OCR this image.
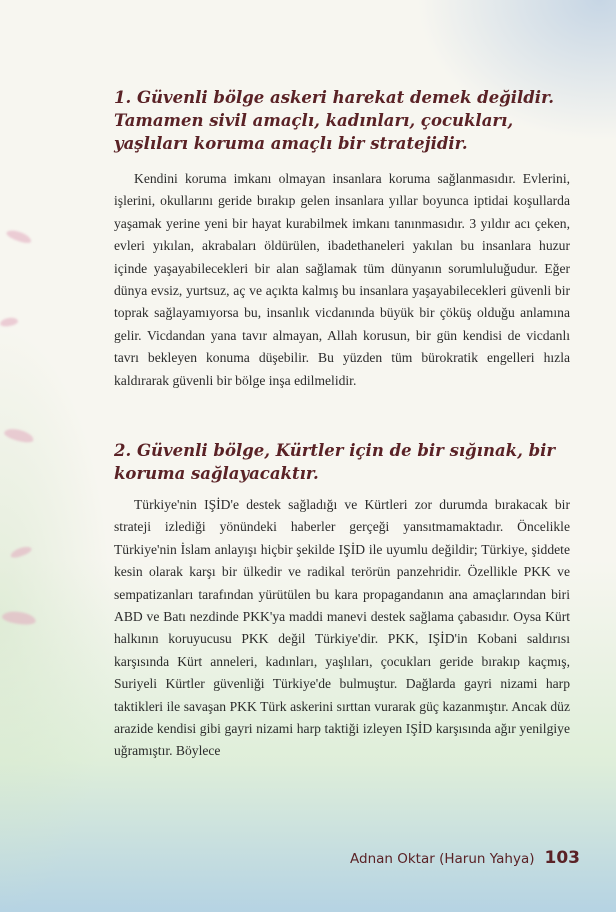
1. Güvenli bölge askeri harekat demek değildir. Tamamen sivil amaçlı, kadınları, çocukları, yaşlıları koruma amaçlı bir stratejidir.

Kendini koruma imkanı olmayan insanlara koruma sağlanmasıdır. Evlerini, işlerini, okullarını geride bırakıp gelen insanlara yıllar boyunca iptidai koşullarda yaşamak yerine yeni bir hayat kurabilmek imkanı tanınmasıdır. 3 yıldır acı çeken, evleri yıkılan, akrabaları öldürülen, ibadethaneleri yakılan bu insanlara huzur içinde yaşayabilecekleri bir alan sağlamak tüm dünyanın sorumluluğudur. Eğer dünya evsiz, yurtsuz, aç ve açıkta kalmış bu insanlara yaşayabilecekleri güvenli bir toprak sağlayamıyorsa bu, insanlık vicdanında büyük bir çöküş olduğu anlamına gelir. Vicdandan yana tavır almayan, Allah korusun, bir gün kendisi de vicdanlı tavrı bekleyen konuma düşebilir. Bu yüzden tüm bürokratik engelleri hızla kaldırarak güvenli bir bölge inşa edilmelidir.

2. Güvenli bölge, Kürtler için de bir sığınak, bir koruma sağlayacaktır.

Türkiye'nin IŞİD'e destek sağladığı ve Kürtleri zor durumda bırakacak bir strateji izlediği yönündeki haberler gerçeği yansıtmamaktadır. Öncelikle Türkiye'nin İslam anlayışı hiçbir şekilde IŞİD ile uyumlu değildir; Türkiye, şiddete kesin olarak karşı bir ülkedir ve radikal terörün panzehridir. Özellikle PKK ve sempatizanları tarafından yürütülen bu kara propagandanın ana amaçlarından biri ABD ve Batı nezdinde PKK'ya maddi manevi destek sağlama çabasıdır. Oysa Kürt halkının koruyucusu PKK değil Türkiye'dir. PKK, IŞİD'in Kobani saldırısı karşısında Kürt anneleri, kadınları, yaşlıları, çocukları geride bırakıp kaçmış, Suriyeli Kürtler güvenliği Türkiye'de bulmuştur. Dağlarda gayri nizami harp taktikleri ile savaşan PKK Türk askerini sırttan vurarak güç kazanmıştır. Ancak düz arazide kendisi gibi gayri nizami harp taktiği izleyen IŞİD karşısında ağır yenilgiye uğramıştır. Böylece

Adnan Oktar (Harun Yahya) 103
